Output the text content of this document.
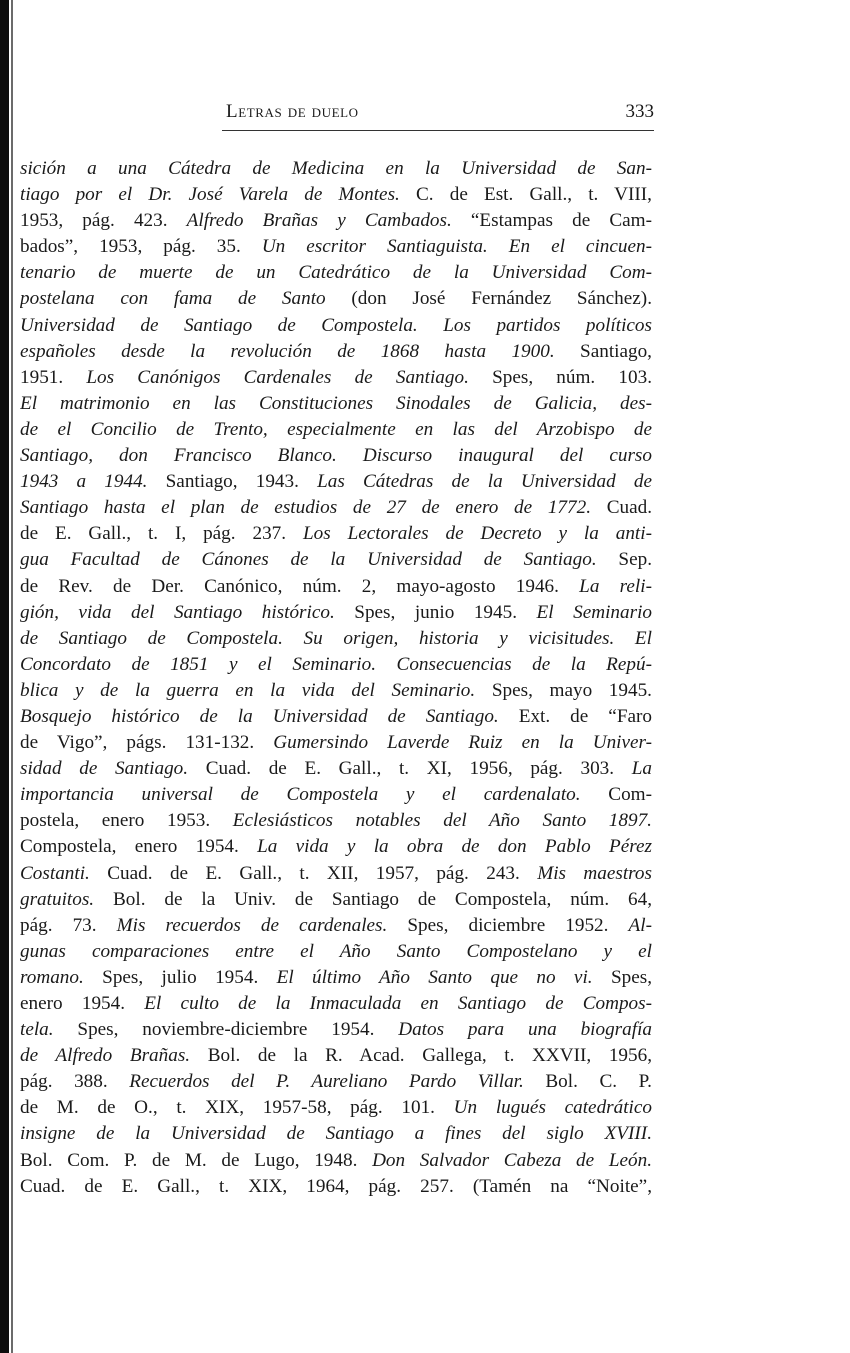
Letras de duelo	333
sición a una Cátedra de Medicina en la Universidad de San-
tiago por el Dr. José Varela de Montes. C. de Est. Gall., t. VIII,
1953, pág. 423. Alfredo Brañas y Cambados. “Estampas de Cam-
bados”, 1953, pág. 35. Un escritor Santiaguista. En el cincuen-
tenario de muerte de un Catedrático de la Universidad Com-
postelana con fama de Santo (don José Fernández Sánchez).
Universidad de Santiago de Compostela. Los partidos políticos
españoles desde la revolución de 1868 hasta 1900. Santiago,
1951. Los Canónigos Cardenales de Santiago. Spes, núm. 103.
El matrimonio en las Constituciones Sinodales de Galicia, des-
de el Concilio de Trento, especialmente en las del Arzobispo de
Santiago, don Francisco Blanco. Discurso inaugural del curso
1943 a 1944. Santiago, 1943. Las Cátedras de la Universidad de
Santiago hasta el plan de estudios de 27 de enero de 1772. Cuad.
de E. Gall., t. I, pág. 237. Los Lectorales de Decreto y la anti-
gua Facultad de Cánones de la Universidad de Santiago. Sep.
de Rev. de Der. Canónico, núm. 2, mayo-agosto 1946. La reli-
gión, vida del Santiago histórico. Spes, junio 1945. El Seminario
de Santiago de Compostela. Su origen, historia y vicisitudes. El
Concordato de 1851 y el Seminario. Consecuencias de la Repú-
blica y de la guerra en la vida del Seminario. Spes, mayo 1945.
Bosquejo histórico de la Universidad de Santiago. Ext. de “Faro
de Vigo”, págs. 131-132. Gumersindo Laverde Ruiz en la Univer-
sidad de Santiago. Cuad. de E. Gall., t. XI, 1956, pág. 303. La
importancia universal de Compostela y el cardenalato. Com-
postela, enero 1953. Eclesiásticos notables del Año Santo 1897.
Compostela, enero 1954. La vida y la obra de don Pablo Pérez
Costanti. Cuad. de E. Gall., t. XII, 1957, pág. 243. Mis maestros
gratuitos. Bol. de la Univ. de Santiago de Compostela, núm. 64,
pág. 73. Mis recuerdos de cardenales. Spes, diciembre 1952. Al-
gunas comparaciones entre el Año Santo Compostelano y el
romano. Spes, julio 1954. El último Año Santo que no vi. Spes,
enero 1954. El culto de la Inmaculada en Santiago de Compos-
tela. Spes, noviembre-diciembre 1954. Datos para una biografía
de Alfredo Brañas. Bol. de la R. Acad. Gallega, t. XXVII, 1956,
pág. 388. Recuerdos del P. Aureliano Pardo Villar. Bol. C. P.
de M. de O., t. XIX, 1957-58, pág. 101. Un lugués catedrático
insigne de la Universidad de Santiago a fines del siglo XVIII.
Bol. Com. P. de M. de Lugo, 1948. Don Salvador Cabeza de León.
Cuad. de E. Gall., t. XIX, 1964, pág. 257. (Tamén na “Noite”,
